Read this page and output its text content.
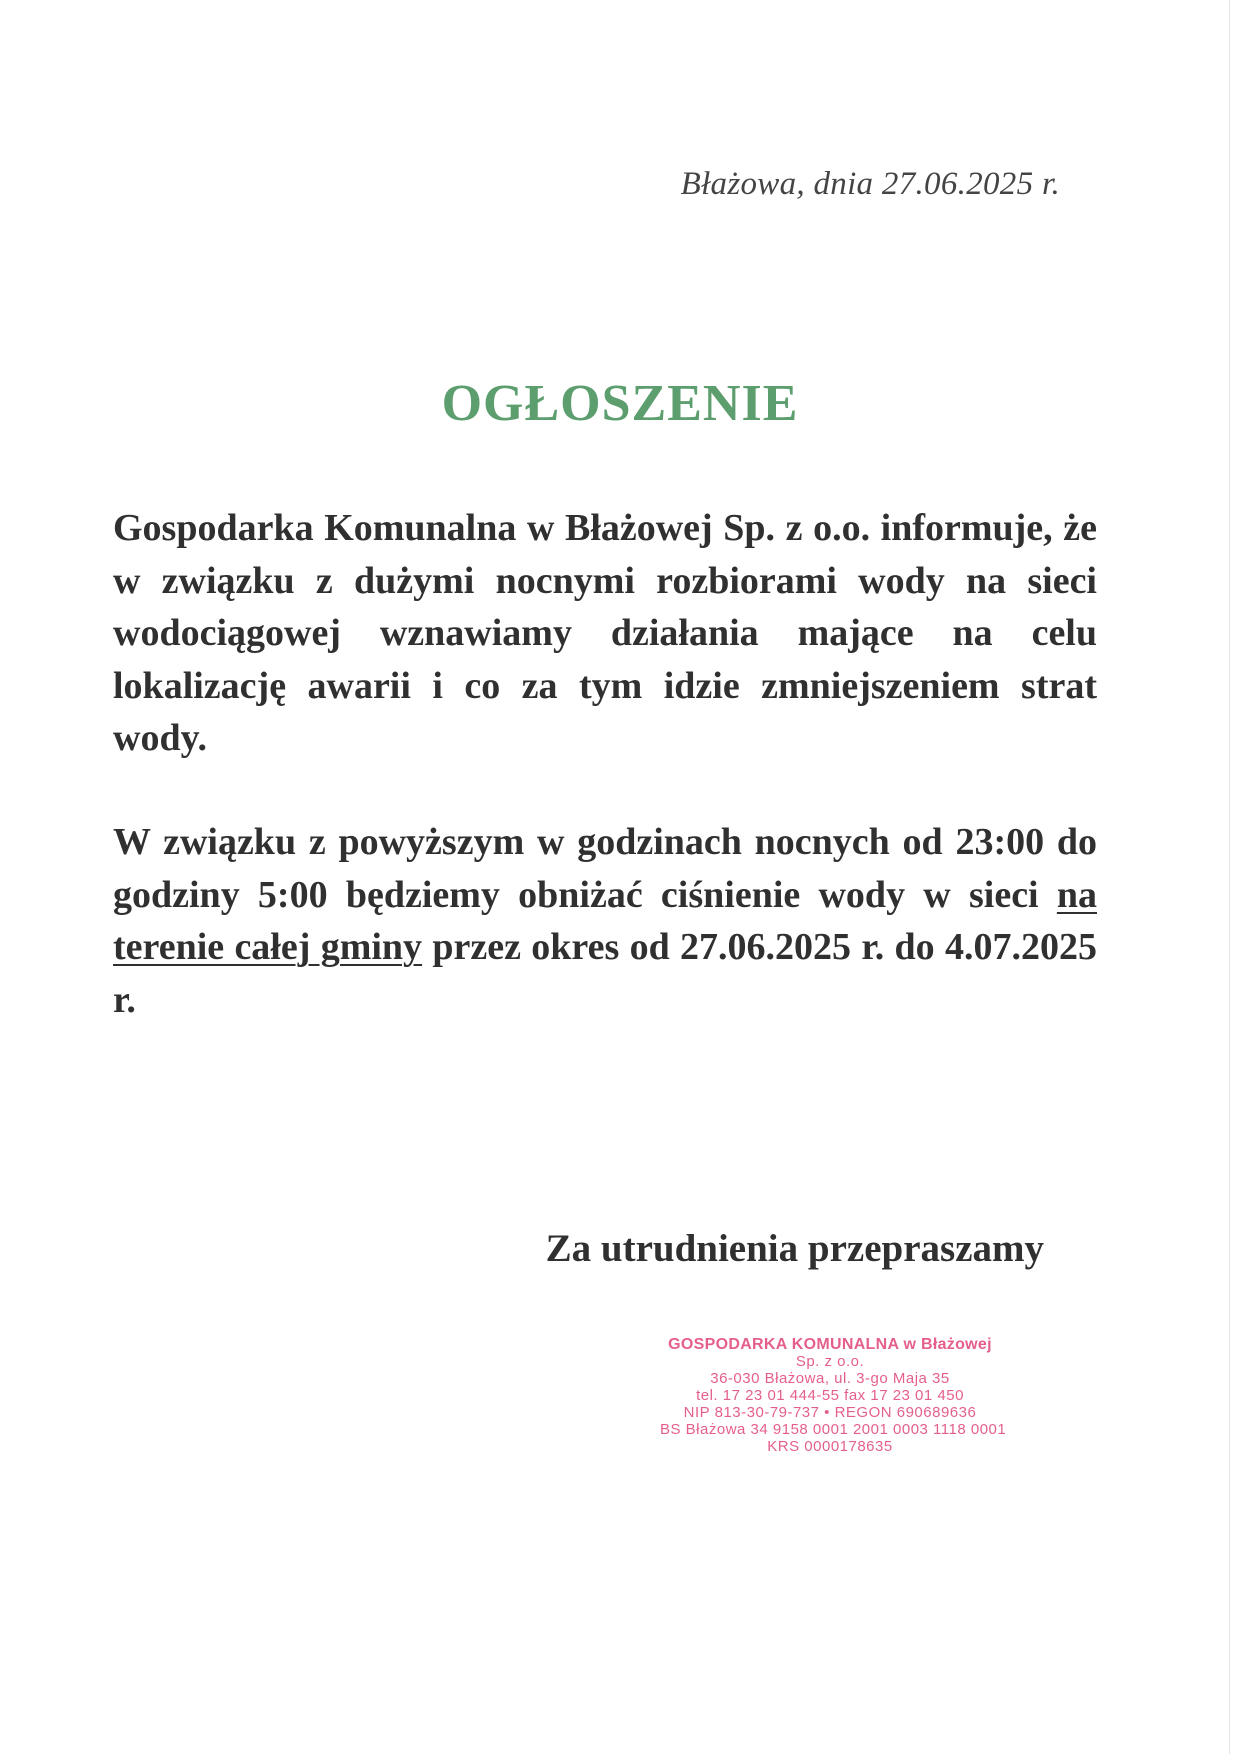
Błażowa, dnia 27.06.2025 r.
OGŁOSZENIE
Gospodarka Komunalna w Błażowej Sp. z o.o. informuje, że w związku z dużymi nocnymi rozbiorami wody na sieci wodociągowej wznawiamy działania mające na celu lokalizację awarii i co za tym idzie zmniejszeniem strat wody.
W związku z powyższym w godzinach nocnych od 23:00 do godziny 5:00 będziemy obniżać ciśnienie wody w sieci na terenie całej gminy przez okres od 27.06.2025 r. do 4.07.2025 r.
Za utrudnienia przepraszamy
GOSPODARKA KOMUNALNA w Błażowej
Sp. z o.o.
36-030 Błażowa, ul. 3-go Maja 35
tel. 17 23 01 444-55 fax 17 23 01 450
NIP 813-30-79-737 • REGON 690689636
BS Błażowa 34 9158 0001 2001 0003 1118 0001
KRS 0000178635
